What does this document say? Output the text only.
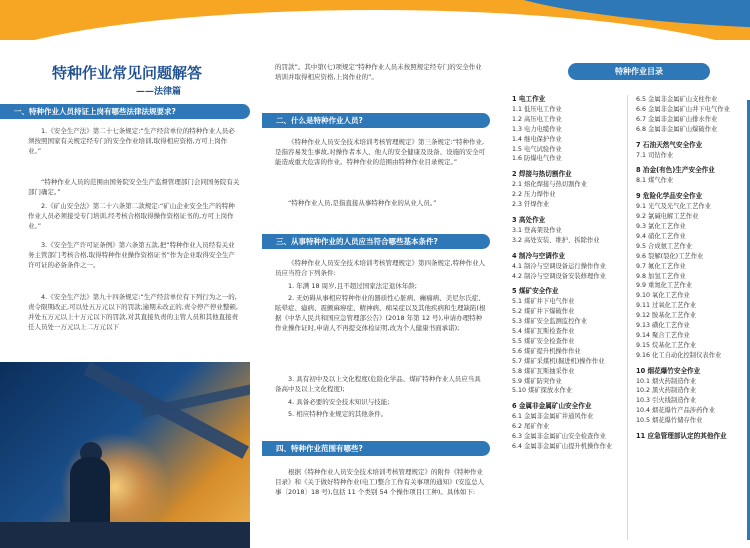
特种作业常见问题解答
——法律篇
一、特种作业人员持证上岗有哪些法律法规要求?
1.《安全生产法》第二十七条规定:“生产经营单位的特种作业人员必须按照国家有关规定经专门的安全作业培训,取得相应资格,方可上岗作业。”
“特种作业人员的范围由国务院安全生产监督管理部门会同国务院有关部门确定。”
2.《矿山安全法》第二十六条第二款规定:“矿山企业安全生产的特种作业人员必须接受专门培训,经考核合格取得操作资格证书的,方可上岗作业。”
3.《安全生产许可证条例》第六条第五款,把“特种作业人员经有关业务主管部门考核合格,取得特种作业操作资格证书”作为企业取得安全生产许可证的必备条件之一。
4.《安全生产法》第九十四条规定:“生产经营单位有下列行为之一的,责令限期改正,可以处五万元以下的罚款;逾期未改正的,责令停产停业整顿,并处五万元以上十万元以下的罚款,对其直接负责的主管人员和其他直接责任人员处一万元以上二万元以下
的罚款”。其中第(七)项规定“特种作业人员未按照规定经专门的安全作业培训并取得相应资格,上岗作业的”。
二、什么是特种作业人员?
《特种作业人员安全技术培训考核管理规定》第三条规定:“特种作业,是指容易发生事故,对操作者本人、他人的安全健康及设备、设施的安全可能造成重大危害的作业。特种作业的范围由特种作业目录规定。”
“特种作业人员,是指直接从事特种作业的从业人员。”
三、从事特种作业的人员应当符合哪些基本条件?
《特种作业人员安全技术培训考核管理规定》第四条规定,特种作业人员应当符合下列条件:
1. 年满 18 周岁,且不超过国家法定退休年龄;
2. 无妨碍从事相应特种作业的器质性心脏病、癫痫病、美尼尔氏症、眩晕症、癔病、震颤麻痹症、精神病、痴呆症以及其他疾病和生理缺陷(根据《中华人民共和国应急管理部公告》(2018 年第 12 号),申请办理特种作业操作证时,申请人不再提交体检证明,改为个人健康书面承诺);
3. 具有初中及以上文化程度(危险化学品、煤矿特种作业人员应当具备高中及以上文化程度);
4. 具备必要的安全技术知识与技能;
5. 相应特种作业规定的其他条件。
四、特种作业范围有哪些?
根据《特种作业人员安全技术培训考核管理规定》的附件《特种作业目录》和《关于做好特种作业(电工)整合工作有关事项的通知》(安监总人事〔2018〕18 号),包括 11 个类别 54 个操作项目(工种)。具体如下:
特种作业目录
1 电工作业
1.1 低压电工作业
1.2 高压电工作业
1.3 电力电缆作业
1.4 继电保护作业
1.5 电气试验作业
1.6 防爆电气作业
2 焊接与热切割作业
2.1 熔化焊接与热切割作业
2.2 压力焊作业
2.3 钎焊作业
3 高处作业
3.1 登高架设作业
3.2 高处安装、维护、拆除作业
4 制冷与空调作业
4.1 制冷与空调设备运行操作作业
4.2 制冷与空调设备安装修理作业
5 煤矿安全作业
5.1 煤矿井下电气作业
5.2 煤矿井下爆破作业
5.3 煤矿安全监测监控作业
5.4 煤矿瓦斯检查作业
5.5 煤矿安全检查作业
5.6 煤矿提升机操作作业
5.7 煤矿采煤机(掘进机)操作作业
5.8 煤矿瓦斯抽采作业
5.9 煤矿防突作业
5.10 煤矿探放水作业
6 金属非金属矿山安全作业
6.1 金属非金属矿井通风作业
6.2 尾矿作业
6.3 金属非金属矿山安全检查作业
6.4 金属非金属矿山提升机操作作业
6.5 金属非金属矿山支柱作业
6.6 金属非金属矿山井下电气作业
6.7 金属非金属矿山排水作业
6.8 金属非金属矿山爆破作业
7 石油天然气安全作业
7.1 司钻作业
8 冶金(有色)生产安全作业
8.1 煤气作业
9 危险化学品安全作业
9.1 光气及光气化工艺作业
9.2 氯碱电解工艺作业
9.3 氯化工艺作业
9.4 硝化工艺作业
9.5 合成氨工艺作业
9.6 裂解(裂化)工艺作业
9.7 氟化工艺作业
9.8 加氢工艺作业
9.9 重氮化工艺作业
9.10 氧化工艺作业
9.11 过氧化工艺作业
9.12 胺基化工艺作业
9.13 磺化工艺作业
9.14 聚合工艺作业
9.15 烷基化工艺作业
9.16 化工自动化控制仪表作业
10 烟花爆竹安全作业
10.1 烟火药制造作业
10.2 黑火药制造作业
10.3 引火线制造作业
10.4 烟花爆竹产品涉药作业
10.5 烟花爆竹储存作业
11 应急管理部认定的其他作业
